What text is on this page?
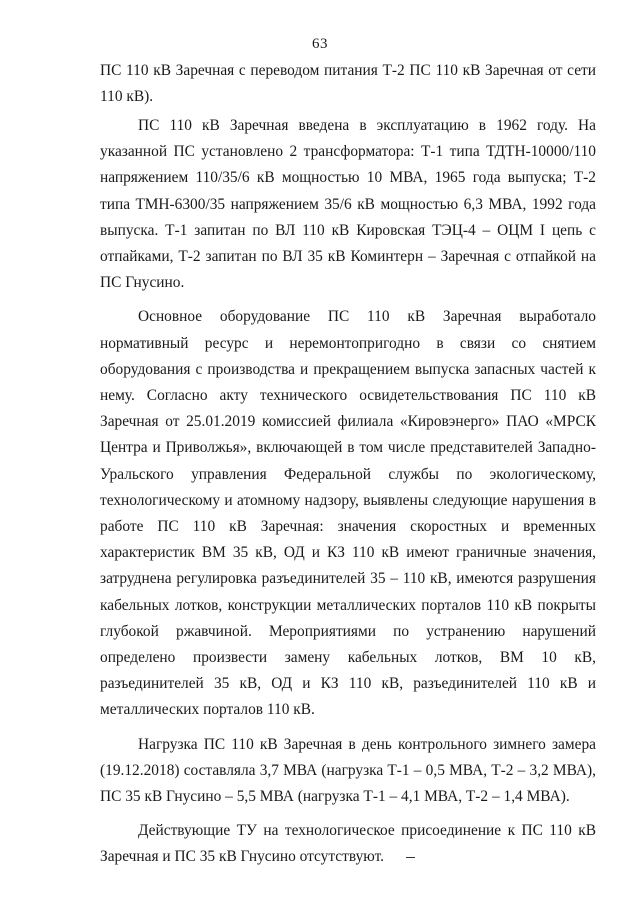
63

ПС 110 кВ Заречная с переводом питания Т-2 ПС 110 кВ Заречная от сети 110 кВ).

ПС 110 кВ Заречная введена в эксплуатацию в 1962 году. На указанной ПС установлено 2 трансформатора: Т-1 типа ТДТН-10000/110 напряжением 110/35/6 кВ мощностью 10 МВА, 1965 года выпуска; Т-2 типа ТМН-6300/35 напряжением 35/6 кВ мощностью 6,3 МВА, 1992 года выпуска. Т-1 запитан по ВЛ 110 кВ Кировская ТЭЦ-4 – ОЦМ I цепь с отпайками, Т-2 запитан по ВЛ 35 кВ Коминтерн – Заречная с отпайкой на ПС Гнусино.

Основное оборудование ПС 110 кВ Заречная выработало нормативный ресурс и неремонтопригодно в связи со снятием оборудования с производства и прекращением выпуска запасных частей к нему. Согласно акту технического освидетельствования ПС 110 кВ Заречная от 25.01.2019 комиссией филиала «Кировэнерго» ПАО «МРСК Центра и Приволжья», включающей в том числе представителей Западно-Уральского управления Федеральной службы по экологическому, технологическому и атомному надзору, выявлены следующие нарушения в работе ПС 110 кВ Заречная: значения скоростных и временных характеристик ВМ 35 кВ, ОД и КЗ 110 кВ имеют граничные значения, затруднена регулировка разъединителей 35 – 110 кВ, имеются разрушения кабельных лотков, конструкции металлических порталов 110 кВ покрыты глубокой ржавчиной. Мероприятиями по устранению нарушений определено произвести замену кабельных лотков, ВМ 10 кВ, разъединителей 35 кВ, ОД и КЗ 110 кВ, разъединителей 110 кВ и металлических порталов 110 кВ.

Нагрузка ПС 110 кВ Заречная в день контрольного зимнего замера (19.12.2018) составляла 3,7 МВА (нагрузка Т-1 – 0,5 МВА, Т-2 – 3,2 МВА), ПС 35 кВ Гнусино – 5,5 МВА (нагрузка Т-1 – 4,1 МВА, Т-2 – 1,4 МВА).

Действующие ТУ на технологическое присоединение к ПС 110 кВ Заречная и ПС 35 кВ Гнусино отсутствуют.
